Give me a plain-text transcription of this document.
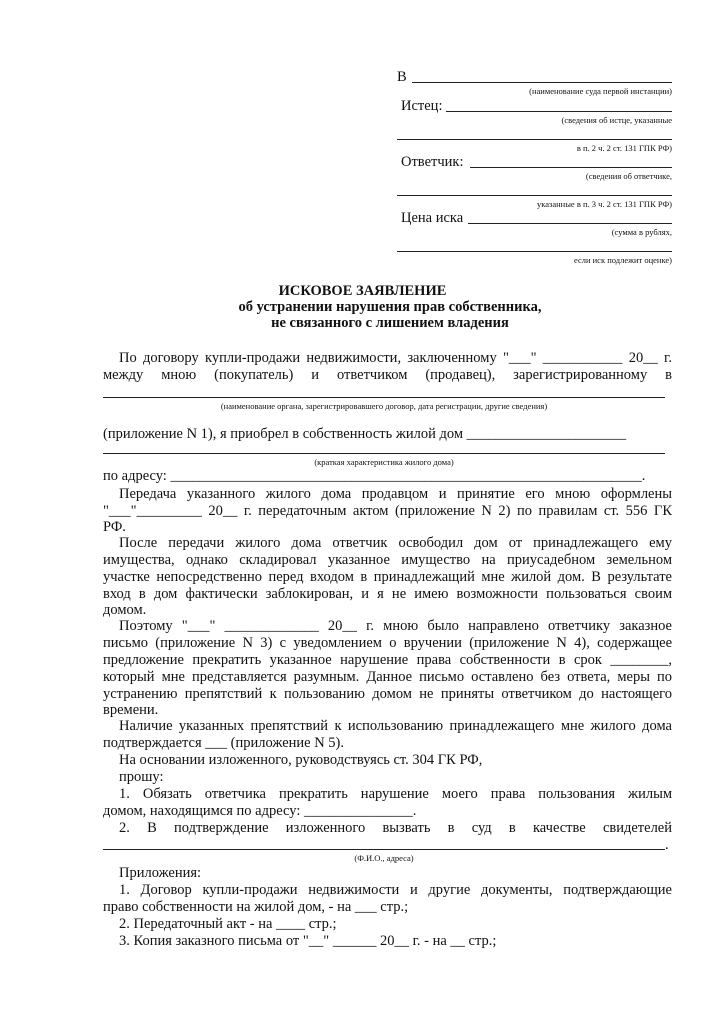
В
(наименование суда первой инстанции)
Истец:
(сведения об истце, указанные
в п. 2 ч. 2 ст. 131 ГПК РФ)
Ответчик:
(сведения об ответчике,
указанные в п. 3 ч. 2 ст. 131 ГПК РФ)
Цена иска
(сумма в рублях,
если иск подлежит оценке)
ИСКОВОЕ ЗАЯВЛЕНИЕ
об устранении нарушения прав собственника,
не связанного с лишением владения
По договору купли-продажи недвижимости, заключенному "___" ___________ 20__ г.
между мною (покупатель) и ответчиком (продавец), зарегистрированному в
(наименование органа, зарегистрировавшего договор, дата регистрации, другие сведения)
(приложение N 1), я приобрел в собственность жилой дом ______________________
(краткая характеристика жилого дома)
по адресу: _________________________________________________________________.
Передача указанного жилого дома продавцом и принятие его мною оформлены
"___"_________ 20__ г. передаточным актом (приложение N 2) по правилам ст. 556 ГК
РФ.
После передачи жилого дома ответчик освободил дом от принадлежащего ему
имущества, однако складировал указанное имущество на приусадебном земельном
участке непосредственно перед входом в принадлежащий мне жилой дом. В результате
вход в дом фактически заблокирован, и я не имею возможности пользоваться своим
домом.
Поэтому "___" _____________ 20__ г. мною было направлено ответчику заказное
письмо (приложение N 3) с уведомлением о вручении (приложение N 4), содержащее
предложение прекратить указанное нарушение права собственности в срок ________,
который мне представляется разумным. Данное письмо оставлено без ответа, меры по
устранению препятствий к пользованию домом не приняты ответчиком до настоящего
времени.
Наличие указанных препятствий к использованию принадлежащего мне жилого дома
подтверждается ___ (приложение N 5).
На основании изложенного, руководствуясь ст. 304 ГК РФ,
прошу:
1. Обязать ответчика прекратить нарушение моего права пользования жилым
домом, находящимся по адресу: _______________.
2. В подтверждение изложенного вызвать в суд в качестве свидетелей
.
(Ф.И.О., адреса)
Приложения:
1. Договор купли-продажи недвижимости и другие документы, подтверждающие
право собственности на жилой дом, - на ___ стр.;
2. Передаточный акт - на ____ стр.;
3. Копия заказного письма от "__" ______ 20__ г. - на __ стр.;
